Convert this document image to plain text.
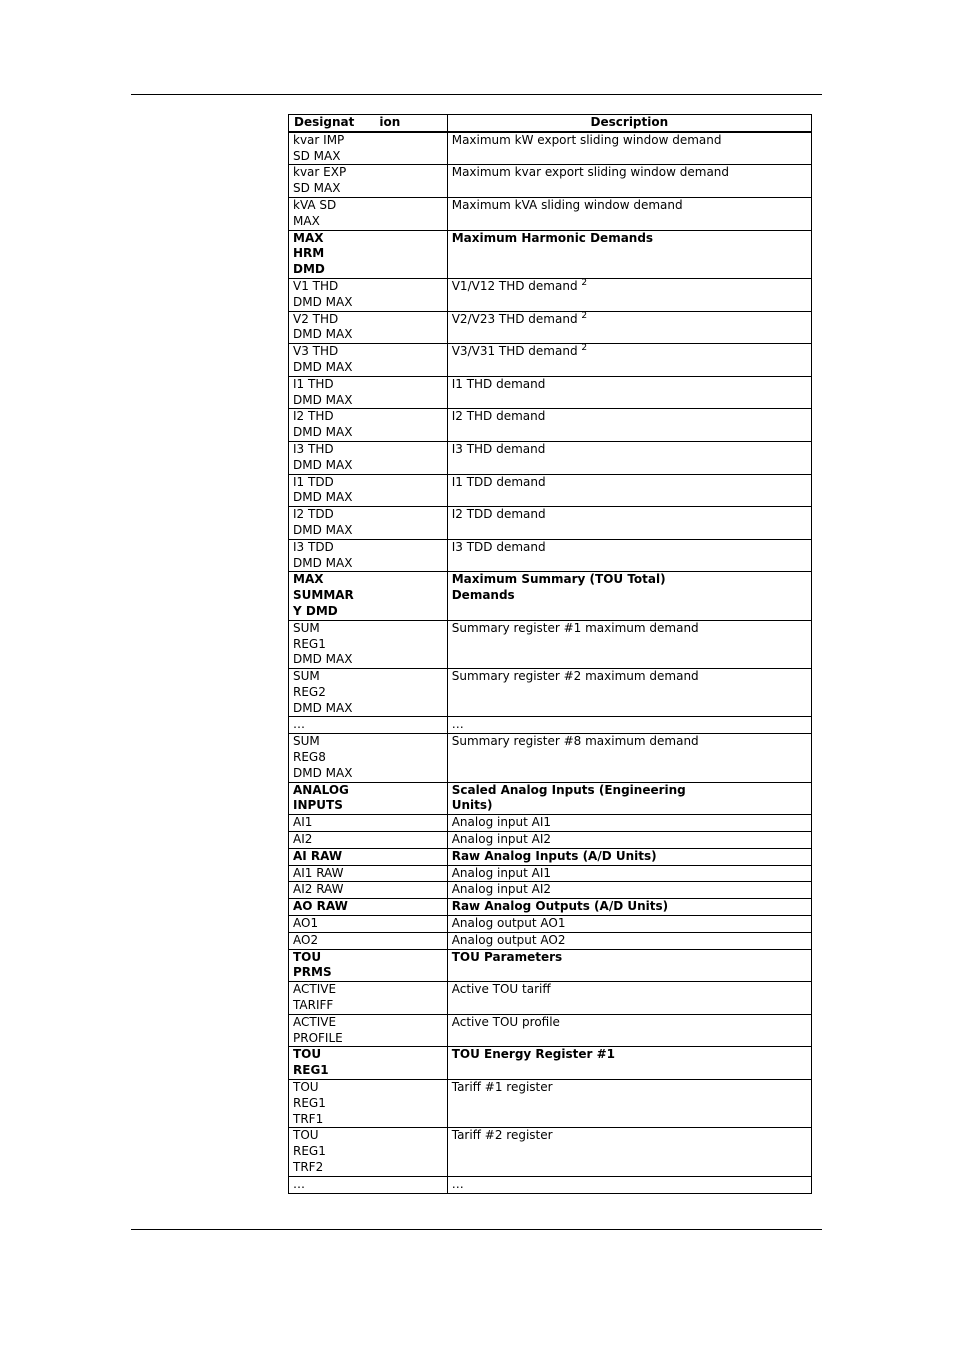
Designat      ion	Description
kvar IMP SD MAX	Maximum kW export sliding window demand
kvar EXP SD MAX	Maximum kvar export sliding window demand
kVA SD MAX	Maximum kVA sliding window demand
MAX HRM DMD	Maximum Harmonic Demands
V1 THD DMD MAX	V1/V12 THD demand $^2$
V2 THD DMD MAX	V2/V23 THD demand $^2$
V3 THD DMD MAX	V3/V31 THD demand $^2$
I1 THD DMD MAX	I1 THD demand
I2 THD DMD MAX	I2 THD demand
I3 THD DMD MAX	I3 THD demand
I1 TDD DMD MAX	I1 TDD demand
I2 TDD DMD MAX	I2 TDD demand
I3 TDD DMD MAX	I3 TDD demand
MAX SUMMARY DMD	Maximum Summary (TOU Total) Demands
SUM REG1 DMD MAX	Summary register #1 maximum demand
SUM REG2 DMD MAX	Summary register #2 maximum demand
…	…
SUM REG8 DMD MAX	Summary register #8 maximum demand
ANALOG INPUTS	Scaled Analog Inputs (Engineering Units)
AI1	Analog input AI1
AI2	Analog input AI2
AI RAW	Raw Analog Inputs (A/D Units)
AI1 RAW	Analog input AI1
AI2 RAW	Analog input AI2
AO RAW	Raw Analog Outputs (A/D Units)
AO1	Analog output AO1
AO2	Analog output AO2
TOU PRMS	TOU Parameters
ACTIVE TARIFF	Active TOU tariff
ACTIVE PROFILE	Active TOU profile
TOU REG1	TOU Energy Register #1
TOU REG1 TRF1	Tariff #1 register
TOU REG1 TRF2	Tariff #2 register
…	…
